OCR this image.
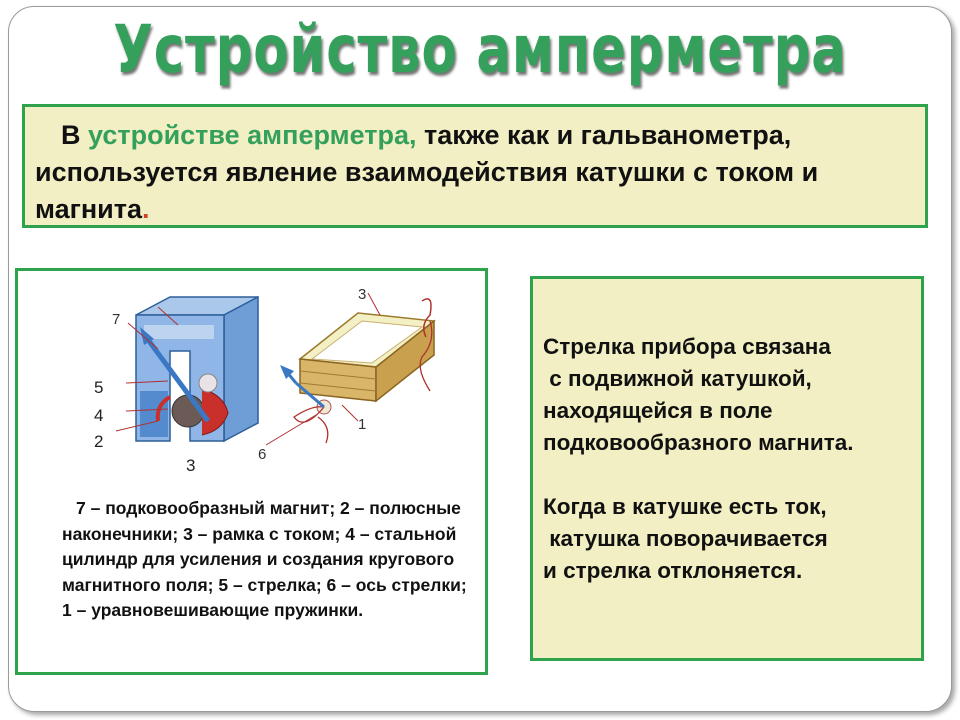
Устройство амперметра
В устройстве амперметра, также как и гальванометра, используется явление взаимодействия катушки с током и магнита.
7
5
4
2
3
6
3
1
7 – подковообразный магнит; 2 – полюсные наконечники; 3 – рамка с током; 4 – стальной цилиндр для усиления и создания кругового магнитного поля; 5 – стрелка; 6 – ось стрелки; 1 – уравновешивающие пружинки.
Стрелка прибора связана
с подвижной катушкой,
находящейся в поле
подковообразного магнита.
Когда в катушке есть ток,
катушка поворачивается
и стрелка отклоняется.
